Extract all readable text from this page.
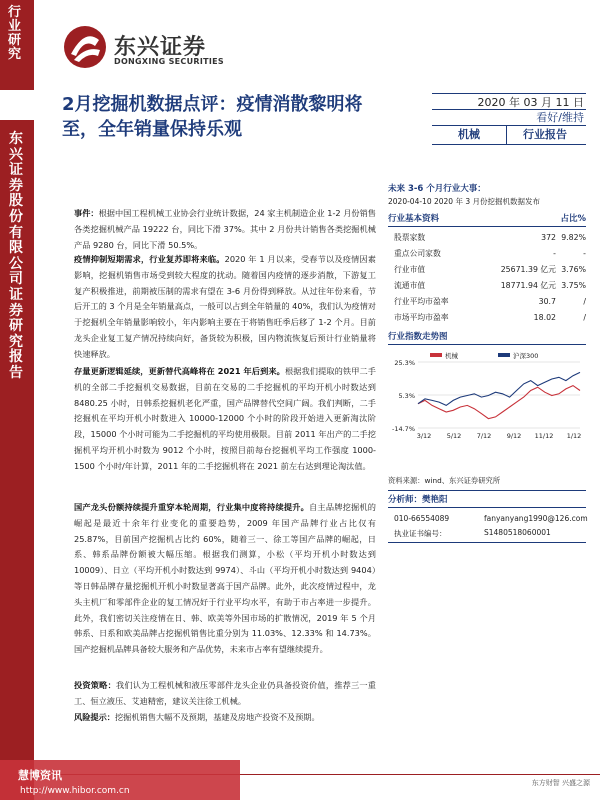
行业研究
东兴证券股份有限公司证券研究报告
东兴证券
DONGXING SECURITIES
2月挖掘机数据点评：疫情消散黎明将至，全年销量保持乐观
2020 年 03 月 11 日
看好/维持
机械	行业报告
事件：根据中国工程机械工业协会行业统计数据，24 家主机制造企业 1-2 月份销售各类挖掘机械产品 19222 台，同比下滑 37%。其中 2 月份共计销售各类挖掘机械产品 9280 台，同比下滑 50.5%。
疫情抑制短期需求，行业复苏即将来临。2020 年 1 月以来，受春节以及疫情因素影响，挖掘机销售市场受到较大程度的扰动。随着国内疫情的逐步消散，下游复工复产积极推进，前期被压制的需求有望在 3-6 月份得到释放。从过往年份来看，节后开工的 3 个月是全年销量高点，一般可以占到全年销量的 40%，我们认为疫情对于挖掘机全年销量影响较小，年内影响主要在于将销售旺季后移了 1-2 个月。目前龙头企业复工复产情况持续向好，备货较为积极，国内物流恢复后预计行业销量将快速释放。
存量更新逻辑延续，更新替代高峰将在 2021 年后到来。根据我们提取的铁甲二手机的全部二手挖掘机交易数据，目前在交易的二手挖掘机的平均开机小时数达到 8480.25 小时，日韩系挖掘机老化严重，国产品牌替代空间广阔。我们判断，二手挖掘机在平均开机小时数进入 10000-12000 个小时的阶段开始进入更新淘汰阶段，15000 个小时可能为二手挖掘机的平均使用极限。目前 2011 年出产的二手挖掘机平均开机小时数为 9012 个小时，按照目前每台挖掘机平均工作强度 1000-1500 个小时/年计算，2011 年的二手挖掘机将在 2021 前左右达到理论淘汰值。
国产龙头份额持续提升重穿本轮周期，行业集中度将持续提升。自主品牌挖掘机的崛起是最近十余年行业变化的重要趋势，2009 年国产品牌行业占比仅有 25.87%，目前国产挖掘机占比约 60%，随着三一、徐工等国产品牌的崛起，日系、韩系品牌份额被大幅压缩。根据我们测算，小松（平均开机小时数达到 10009）、日立（平均开机小时数达到 9974）、斗山（平均开机小时数达到 9404）等日韩品牌存量挖掘机开机小时数显著高于国产品牌。此外，此次疫情过程中，龙头主机厂和零部件企业的复工情况好于行业平均水平，有助于市占率进一步提升。此外，我们密切关注疫情在日、韩、欧美等外国市场的扩散情况，2019 年 5 个月韩系、日系和欧美品牌占挖掘机销售比重分别为 11.03%、12.33% 和 14.73%。国产挖掘机品牌具备较大服务和产品优势，未来市占率有望继续提升。
投资策略：我们认为工程机械和液压零部件龙头企业仍具备投资价值，推荐三一重工、恒立液压、艾迪精密，建议关注徐工机械。
风险提示：挖掘机销售大幅不及预期，基建及房地产投资不及预期。
未来 3-6 个月行业大事：
2020-04-10 2020 年 3 月份挖掘机数据发布
行业基本资料	占比%
股票家数	372 9.82%
重点公司家数	-	-
行业市值	25671.39 亿元 3.76%
流通市值	18771.94 亿元 3.75%
行业平均市盈率	30.7	/
市场平均市盈率	18.02	/
行业指数走势图
25.3%
5.3%
-14.7%
3/12 5/12 7/12 9/12 11/12 1/12
机械	沪深300
资料来源：wind、东兴证券研究所
分析师：樊艳阳
010-66554089	fanyanyang1990@126.com
执业证书编号：	S1480518060001
东方财智 兴盛之源
慧博资讯
http://www.hibor.com.cn
